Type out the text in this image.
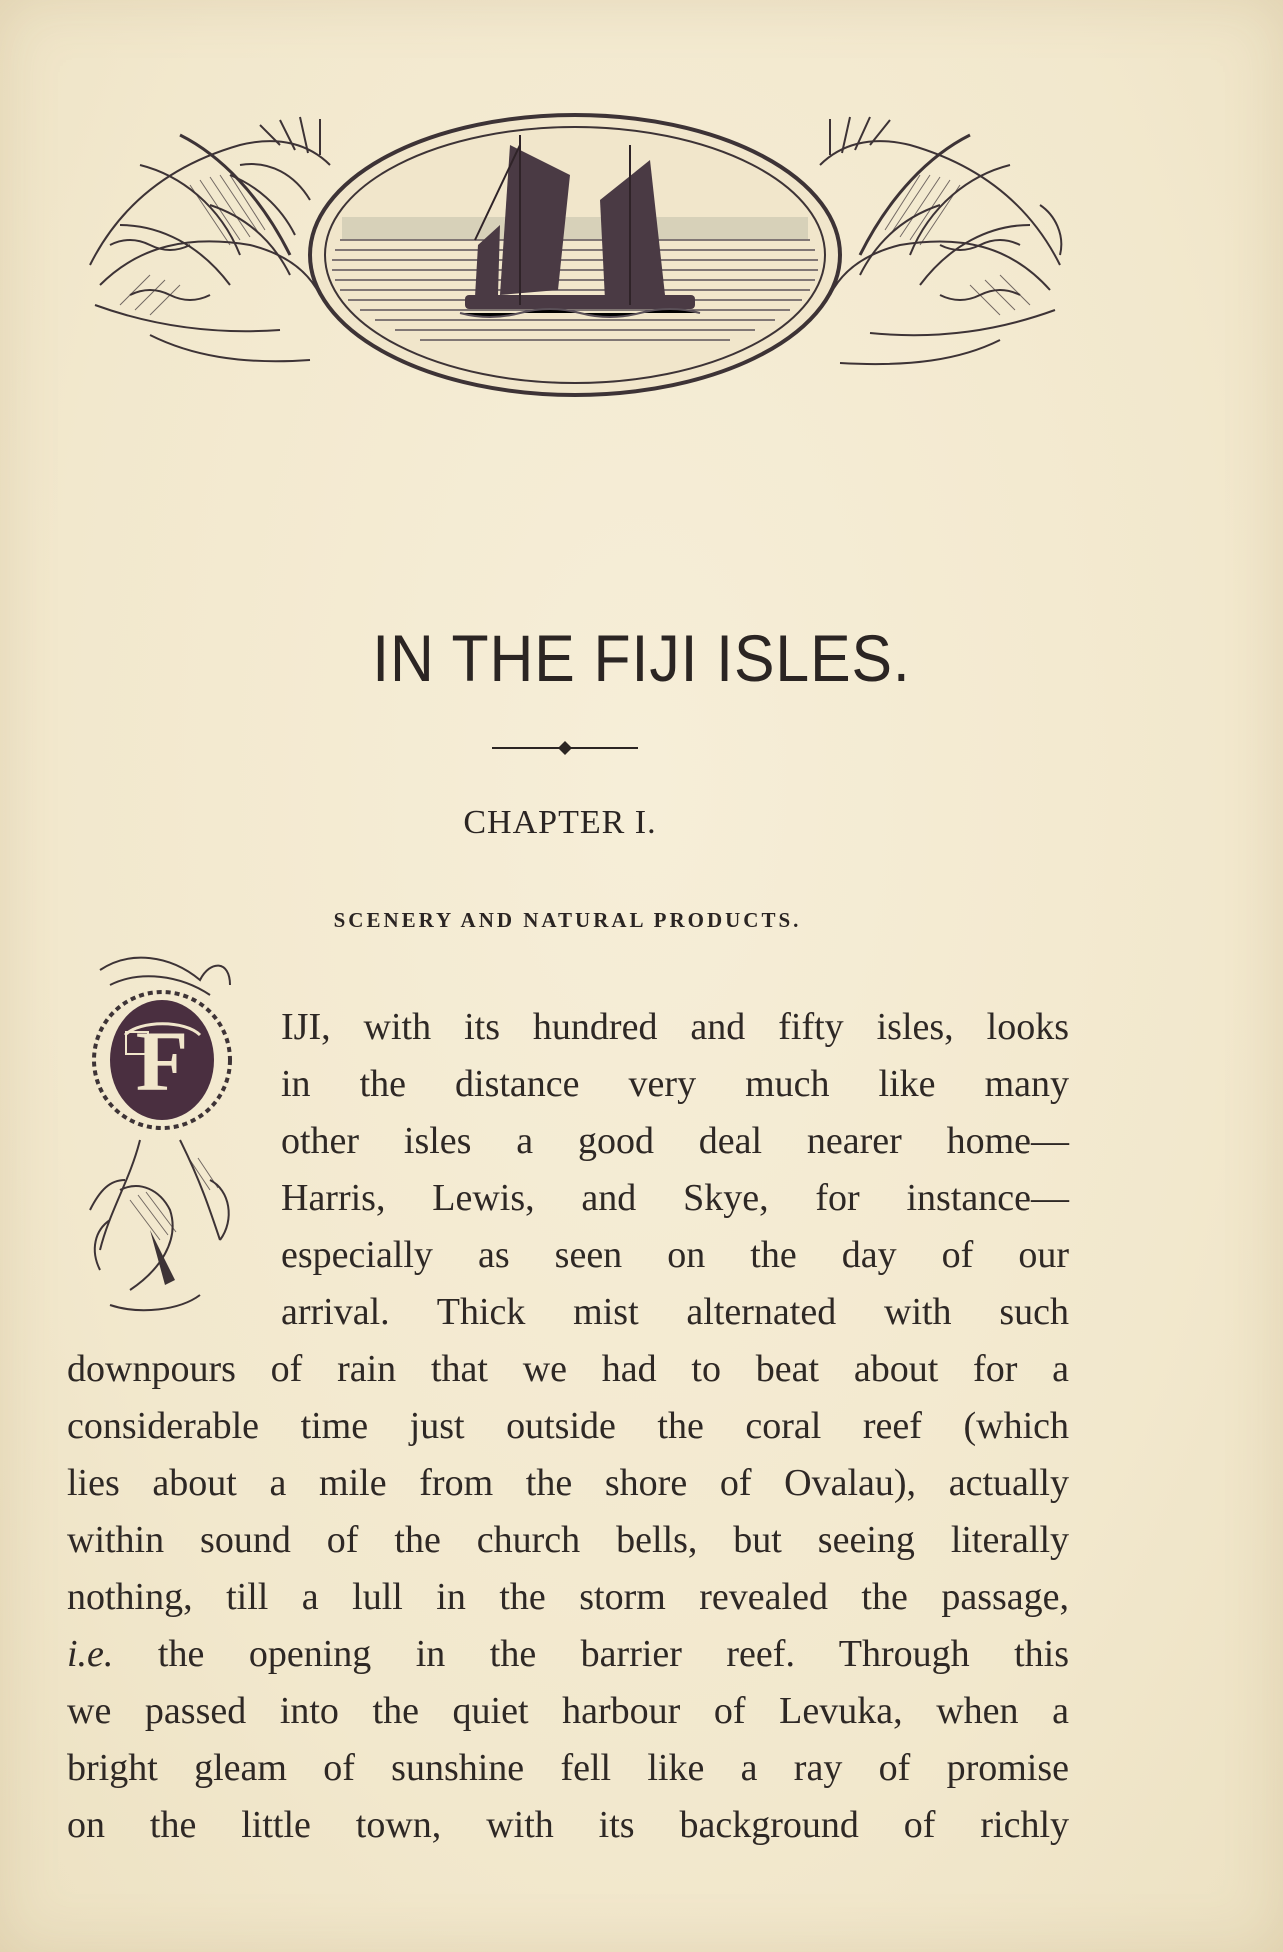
IN THE FIJI ISLES.
CHAPTER I.
SCENERY AND NATURAL PRODUCTS.
F IJI, with its hundred and fifty isles, looks
in the distance very much like many
other isles a good deal nearer home—
Harris, Lewis, and Skye, for instance—
especially as seen on the day of our
arrival. Thick mist alternated with such
downpours of rain that we had to beat about for a
considerable time just outside the coral reef (which
lies about a mile from the shore of Ovalau), actually
within sound of the church bells, but seeing literally
nothing, till a lull in the storm revealed the passage,
i.e. the opening in the barrier reef. Through this
we passed into the quiet harbour of Levuka, when a
bright gleam of sunshine fell like a ray of promise
on the little town, with its background of richly
